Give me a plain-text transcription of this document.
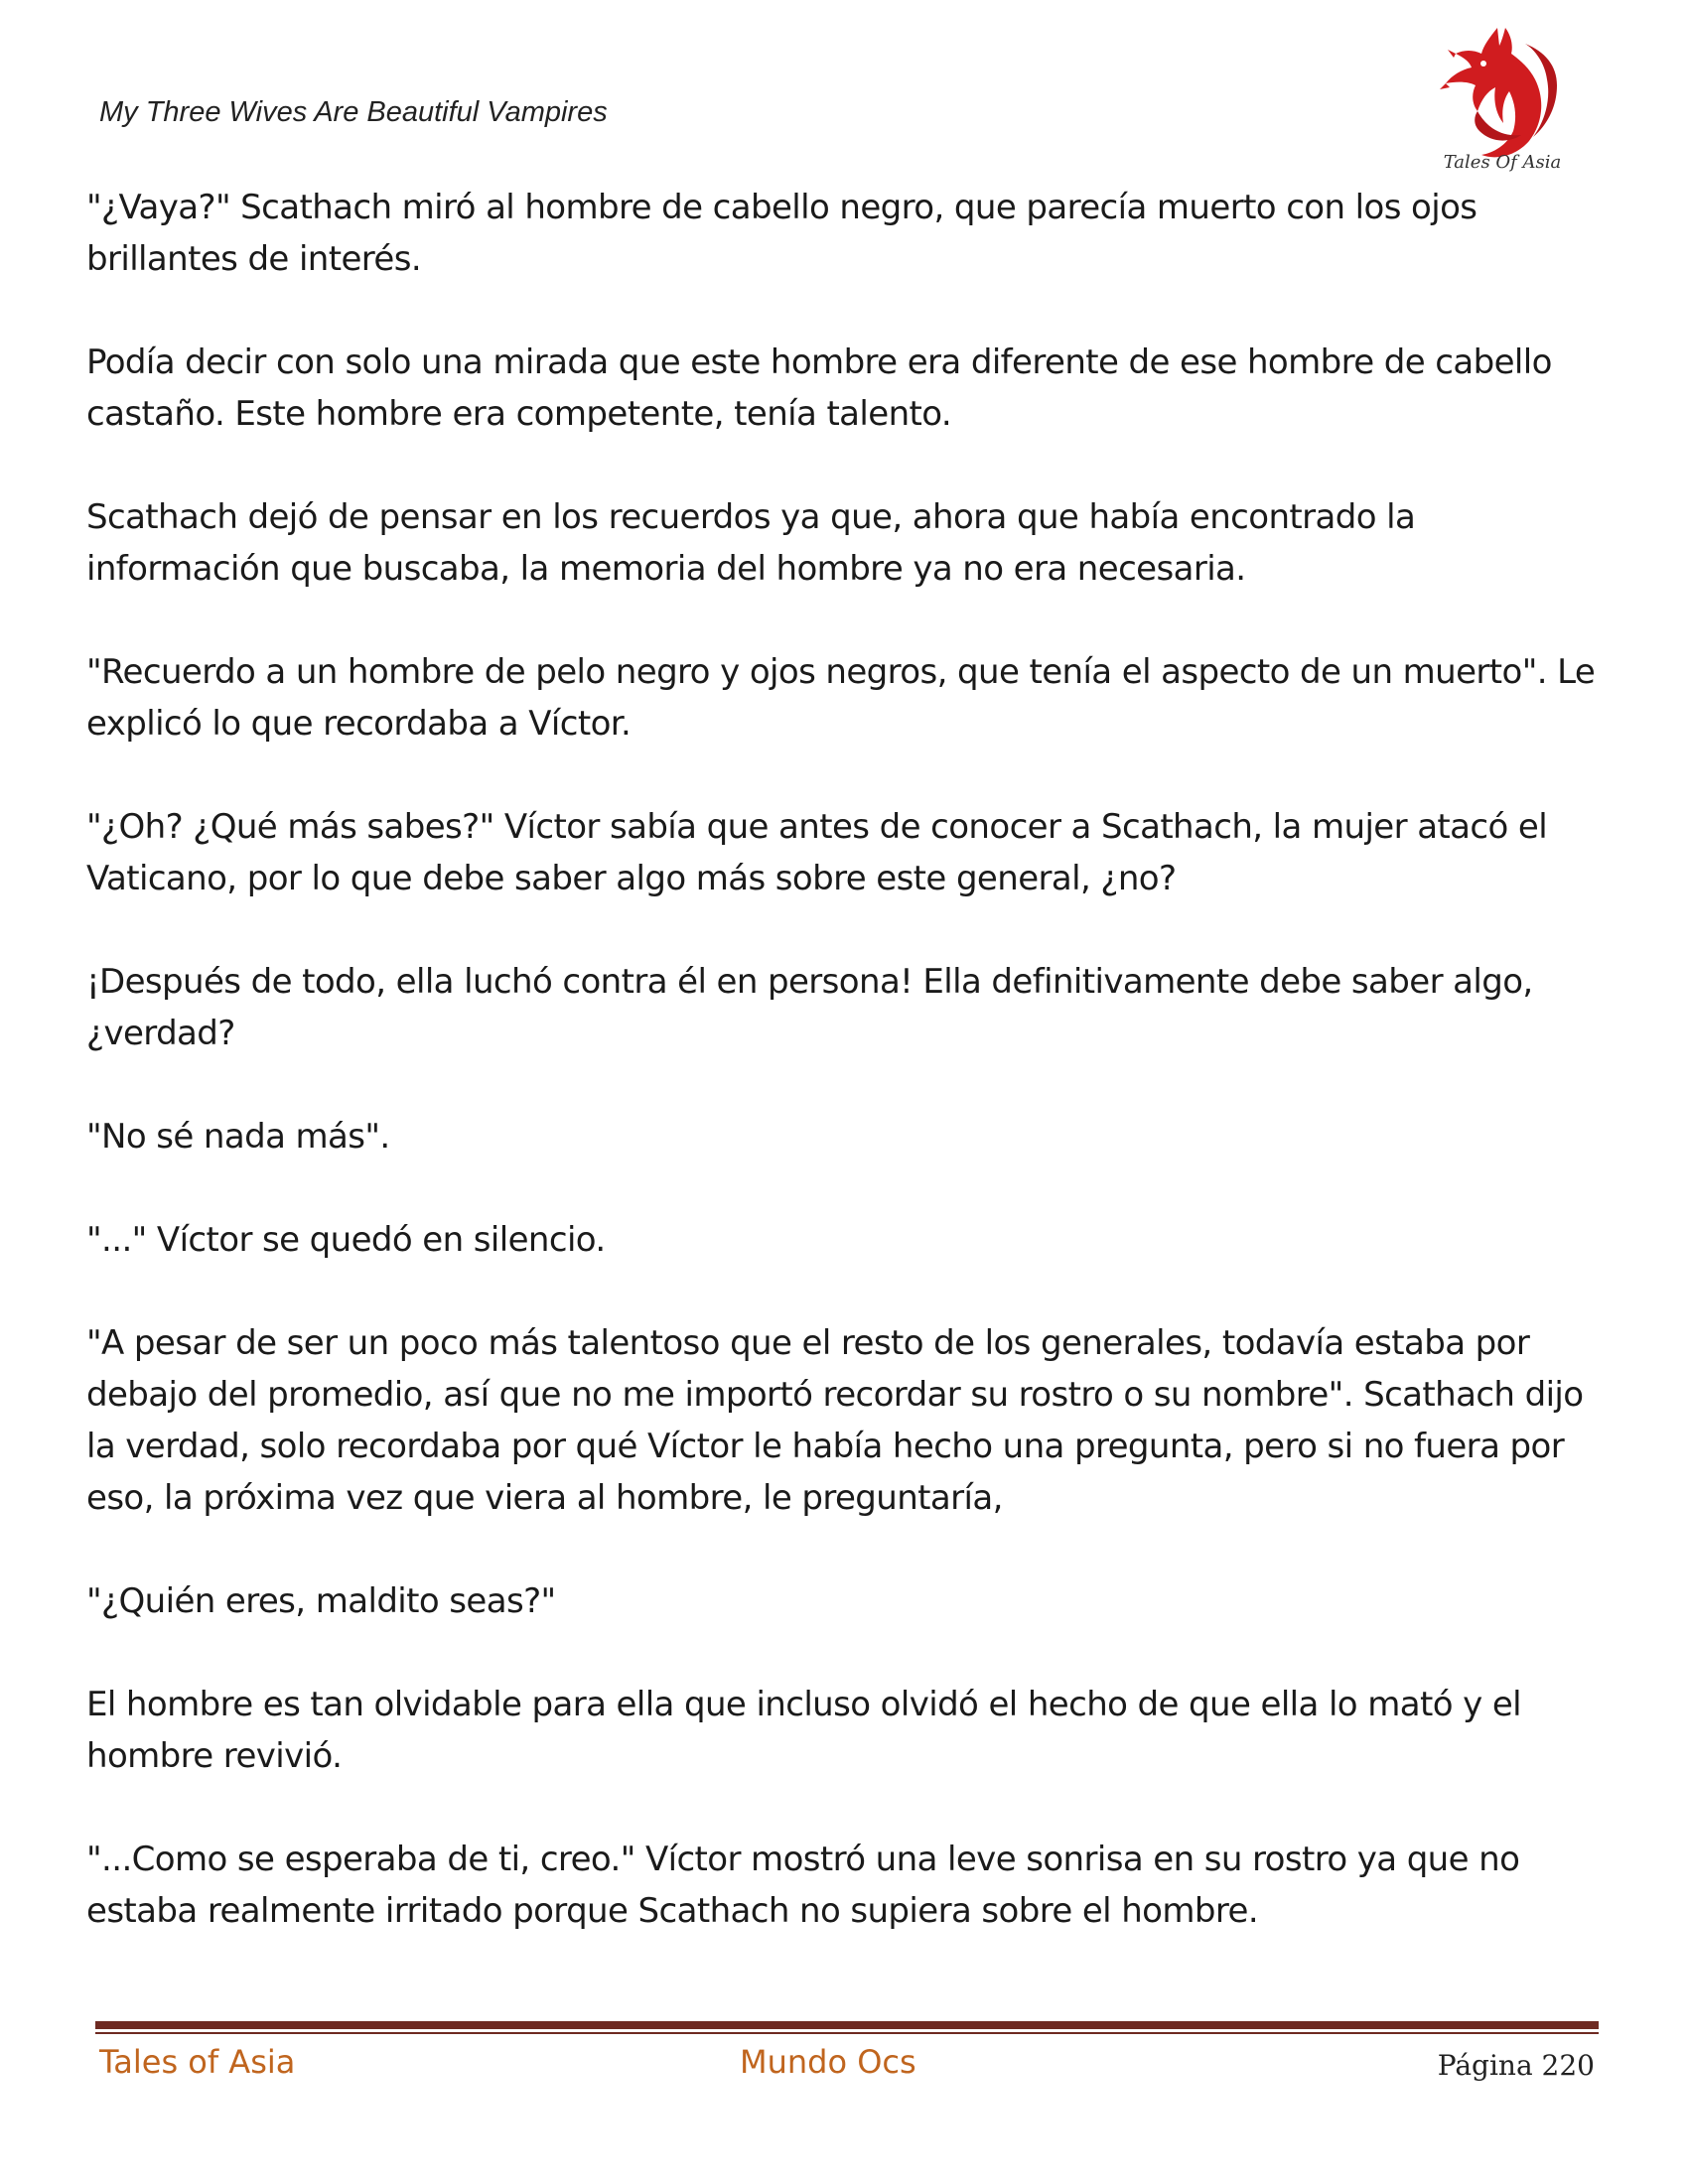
My Three Wives Are Beautiful Vampires
Tales Of Asia

"¿Vaya?" Scathach miró al hombre de cabello negro, que parecía muerto con los ojos brillantes de interés.

Podía decir con solo una mirada que este hombre era diferente de ese hombre de cabello castaño. Este hombre era competente, tenía talento.

Scathach dejó de pensar en los recuerdos ya que, ahora que había encontrado la información que buscaba, la memoria del hombre ya no era necesaria.

"Recuerdo a un hombre de pelo negro y ojos negros, que tenía el aspecto de un muerto". Le explicó lo que recordaba a Víctor.

"¿Oh? ¿Qué más sabes?" Víctor sabía que antes de conocer a Scathach, la mujer atacó el Vaticano, por lo que debe saber algo más sobre este general, ¿no?

¡Después de todo, ella luchó contra él en persona! Ella definitivamente debe saber algo, ¿verdad?

"No sé nada más".

"..." Víctor se quedó en silencio.

"A pesar de ser un poco más talentoso que el resto de los generales, todavía estaba por debajo del promedio, así que no me importó recordar su rostro o su nombre". Scathach dijo la verdad, solo recordaba por qué Víctor le había hecho una pregunta, pero si no fuera por eso, la próxima vez que viera al hombre, le preguntaría,

"¿Quién eres, maldito seas?"

El hombre es tan olvidable para ella que incluso olvidó el hecho de que ella lo mató y el hombre revivió.

"...Como se esperaba de ti, creo." Víctor mostró una leve sonrisa en su rostro ya que no estaba realmente irritado porque Scathach no supiera sobre el hombre.

Tales of Asia	Mundo Ocs	Página 220
